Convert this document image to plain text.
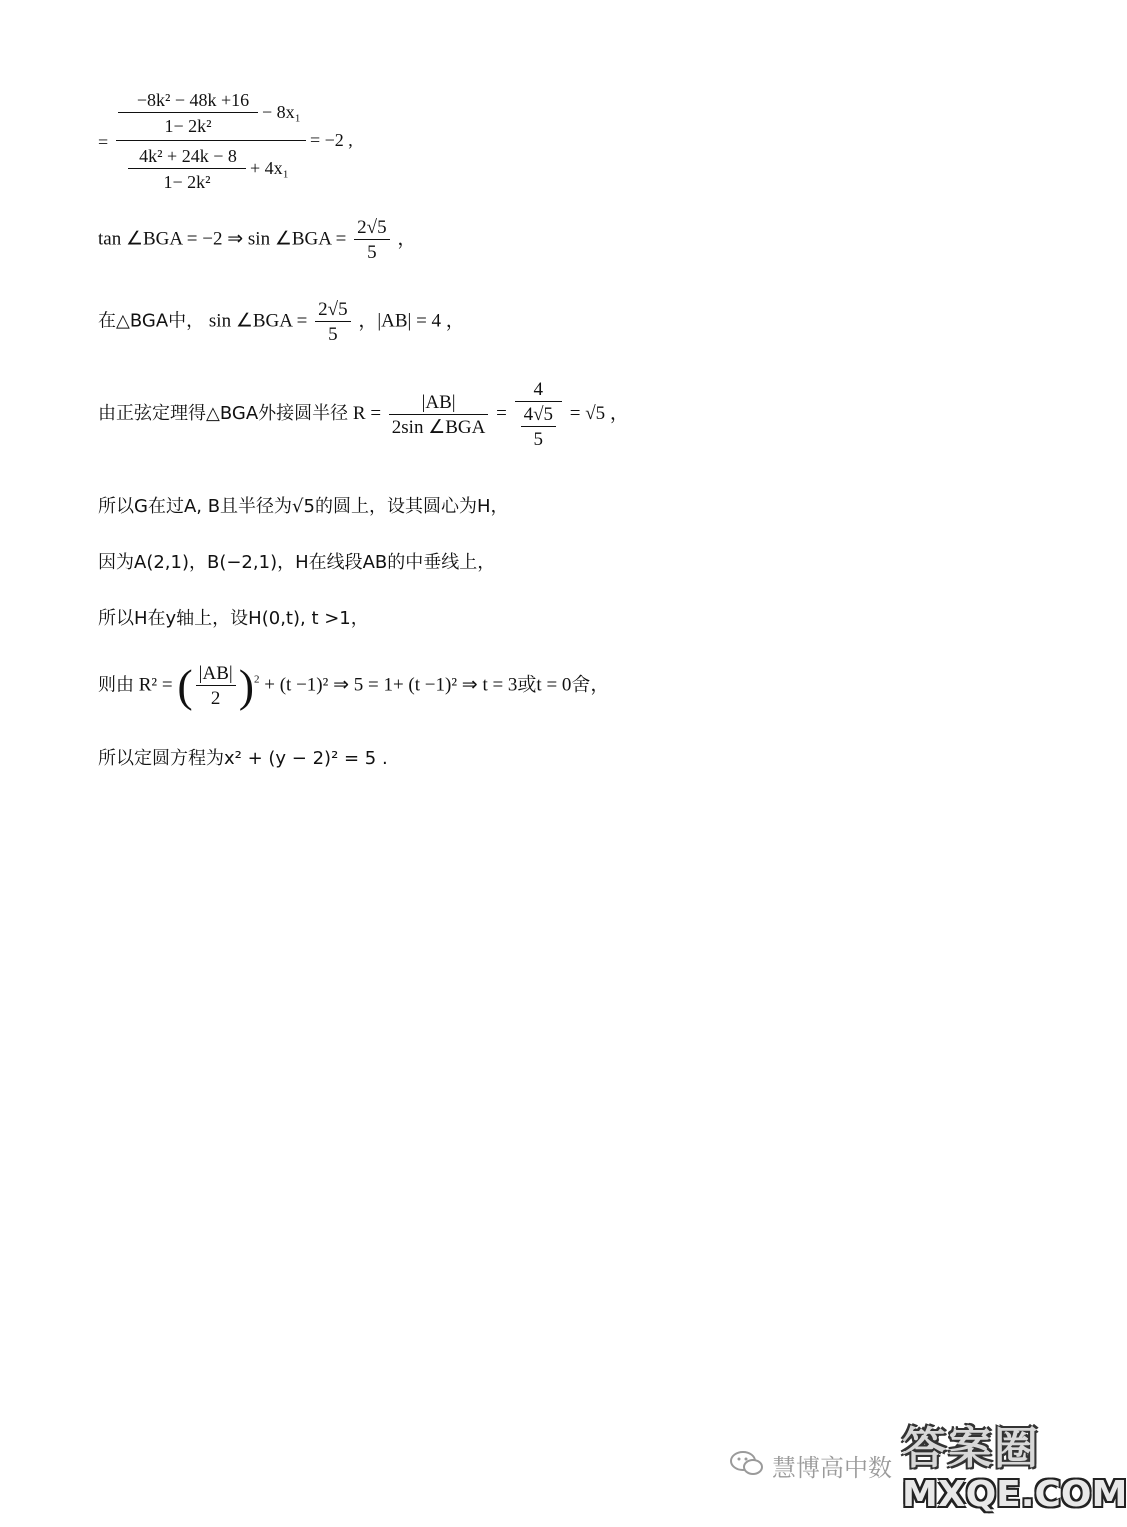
=
−8k² − 48k +16
1− 2k²
− 8x₁
4k² + 24k − 8
1− 2k²
+ 4x₁
= −2 ,
tan ∠BGA = −2 ⇒ sin ∠BGA = $\frac{2√5}{5}$ ，
在△BGA中， sin ∠BGA = $\frac{2√5}{5}$ ，|AB| = 4 ，
由正弦定理得△BGA外接圆半径 $R = \frac{|AB|}{\text{2sin ∠BGA}} = \frac{4}{\frac{4√5}{5}} = √5$ ，
所以G在过A, B且半径为√5的圆上，设其圆心为H，
因为A(2,1)，B(−2,1)，H在线段AB的中垂线上，
所以H在y轴上，设H(0,t), t >1，
则由 R² = ( $\frac{|AB|}{2} )^2 + (t -1)^2$ ⇒ 5 = 1+ (t −1)² ⇒ t = 3或t = 0舍，
所以定圆方程为x² + (y − 2)² = 5 .
慧博高中数 答案圈
MXQE.COM
